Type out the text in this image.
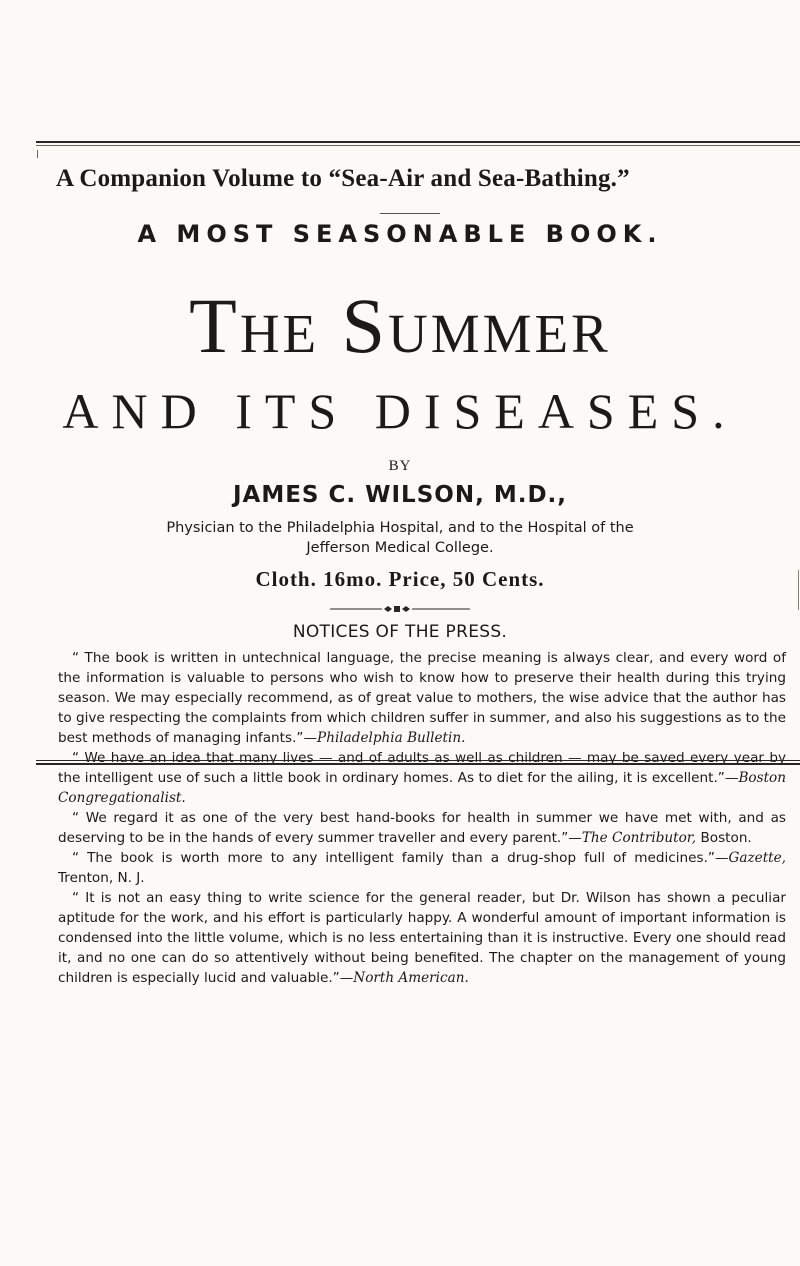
A Companion Volume to “Sea-Air and Sea-Bathing.”
A MOST SEASONABLE BOOK.
The Summer
AND ITS DISEASES.
BY
JAMES C. WILSON, M.D.,
Physician to the Philadelphia Hospital, and to the Hospital of the
Jefferson Medical College.
Cloth. 16mo. Price, 50 Cents.
NOTICES OF THE PRESS.

“ The book is written in untechnical language, the precise meaning is always clear, and every word of the information is valuable to persons who wish to know how to preserve their health during this trying season. We may especially recommend, as of great value to mothers, the wise advice that the author has to give respecting the complaints from which children suffer in summer, and also his suggestions as to the best methods of managing infants.”—Philadelphia Bulletin.

“ We have an idea that many lives — and of adults as well as children — may be saved every year by the intelligent use of such a little book in ordinary homes. As to diet for the ailing, it is excellent.”—Boston Congregationalist.

“ We regard it as one of the very best hand-books for health in summer we have met with, and as deserving to be in the hands of every summer traveller and every parent.”—The Contributor, Boston.

“ The book is worth more to any intelligent family than a drug-shop full of medicines.”—Gazette, Trenton, N. J.

“ It is not an easy thing to write science for the general reader, but Dr. Wilson has shown a peculiar aptitude for the work, and his effort is particularly happy. A wonderful amount of important information is condensed into the little volume, which is no less entertaining than it is instructive. Every one should read it, and no one can do so attentively without being benefited. The chapter on the management of young children is especially lucid and valuable.”—North American.
